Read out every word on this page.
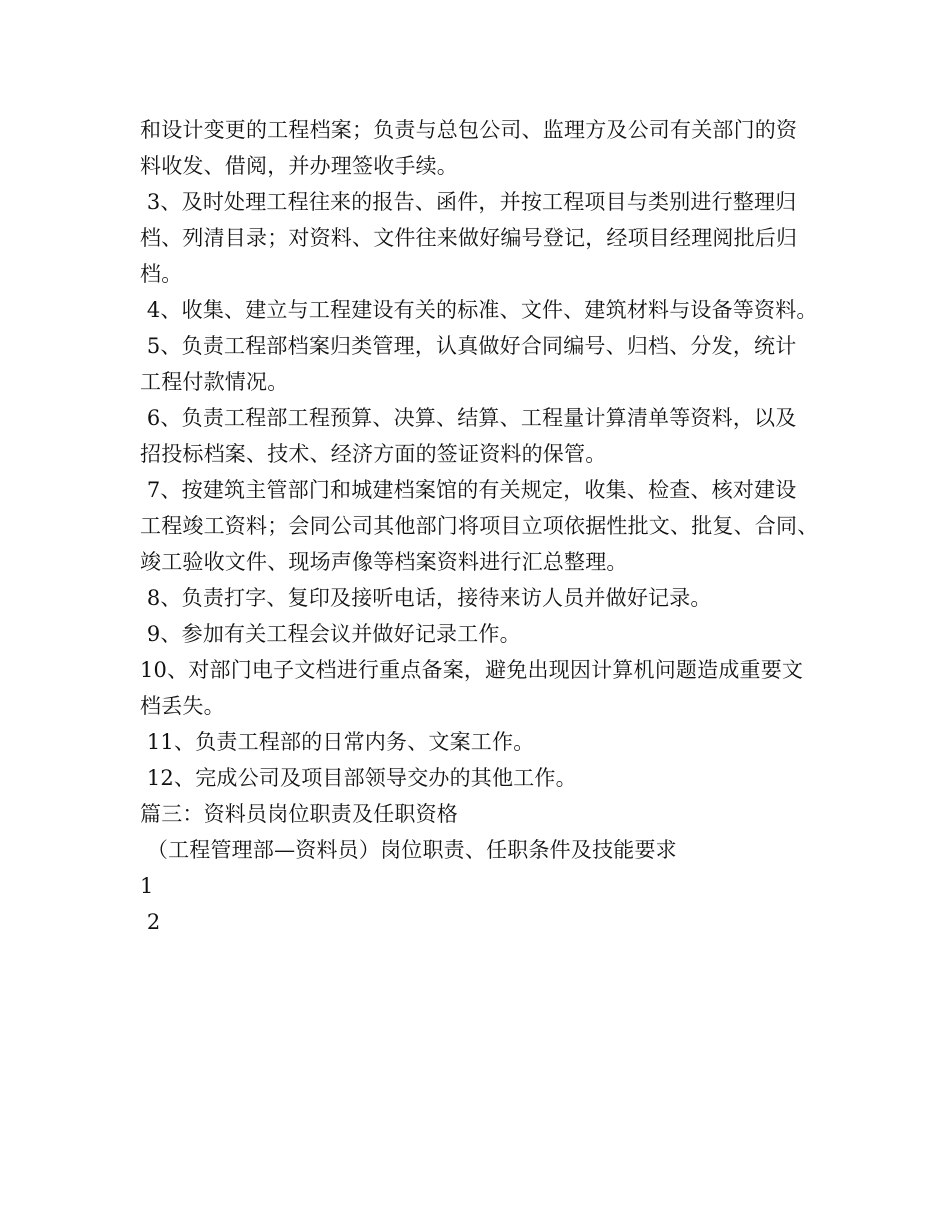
和设计变更的工程档案；负责与总包公司、监理方及公司有关部门的资
料收发、借阅，并办理签收手续。
3、及时处理工程往来的报告、函件，并按工程项目与类别进行整理归
档、列清目录；对资料、文件往来做好编号登记，经项目经理阅批后归
档。
4、收集、建立与工程建设有关的标准、文件、建筑材料与设备等资料。
5、负责工程部档案归类管理，认真做好合同编号、归档、分发，统计
工程付款情况。
6、负责工程部工程预算、决算、结算、工程量计算清单等资料，以及
招投标档案、技术、经济方面的签证资料的保管。
7、按建筑主管部门和城建档案馆的有关规定，收集、检查、核对建设
工程竣工资料；会同公司其他部门将项目立项依据性批文、批复、合同、
竣工验收文件、现场声像等档案资料进行汇总整理。
8、负责打字、复印及接听电话，接待来访人员并做好记录。
9、参加有关工程会议并做好记录工作。
10、对部门电子文档进行重点备案，避免出现因计算机问题造成重要文
档丢失。
11、负责工程部的日常内务、文案工作。
12、完成公司及项目部领导交办的其他工作。
篇三：资料员岗位职责及任职资格
（工程管理部—资料员）岗位职责、任职条件及技能要求
1
2
